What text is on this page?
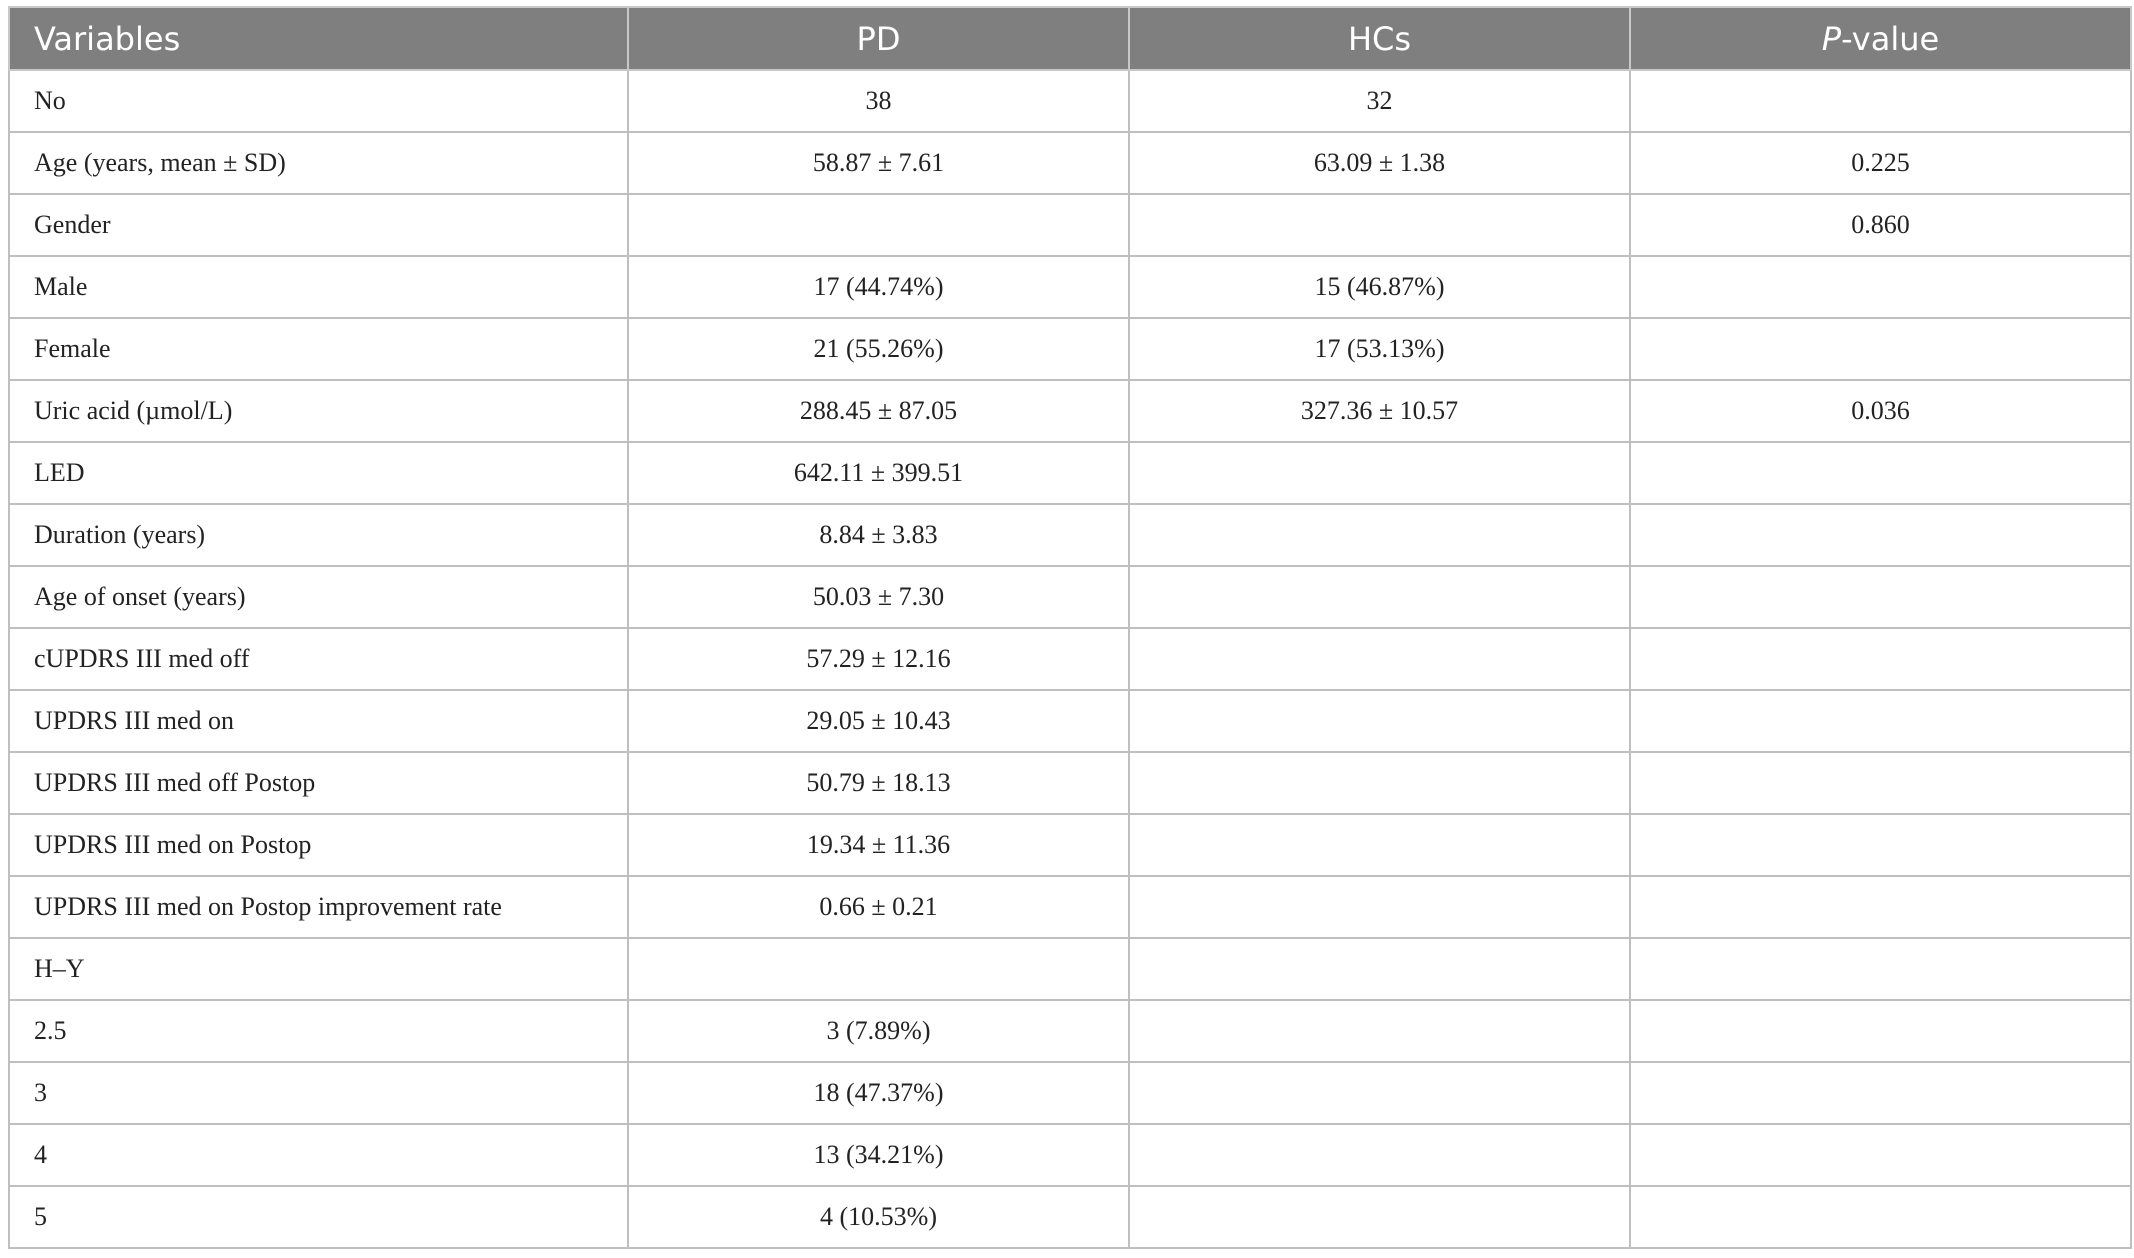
Variables	PD	HCs	P-value
No	38	32	
Age (years, mean ± SD)	58.87 ± 7.61	63.09 ± 1.38	0.225
Gender			0.860
Male	17 (44.74%)	15 (46.87%)	
Female	21 (55.26%)	17 (53.13%)	
Uric acid (µmol/L)	288.45 ± 87.05	327.36 ± 10.57	0.036
LED	642.11 ± 399.51		
Duration (years)	8.84 ± 3.83		
Age of onset (years)	50.03 ± 7.30		
cUPDRS III med off	57.29 ± 12.16		
UPDRS III med on	29.05 ± 10.43		
UPDRS III med off Postop	50.79 ± 18.13		
UPDRS III med on Postop	19.34 ± 11.36		
UPDRS III med on Postop improvement rate	0.66 ± 0.21		
H–Y			
2.5	3 (7.89%)		
3	18 (47.37%)		
4	13 (34.21%)		
5	4 (10.53%)		
